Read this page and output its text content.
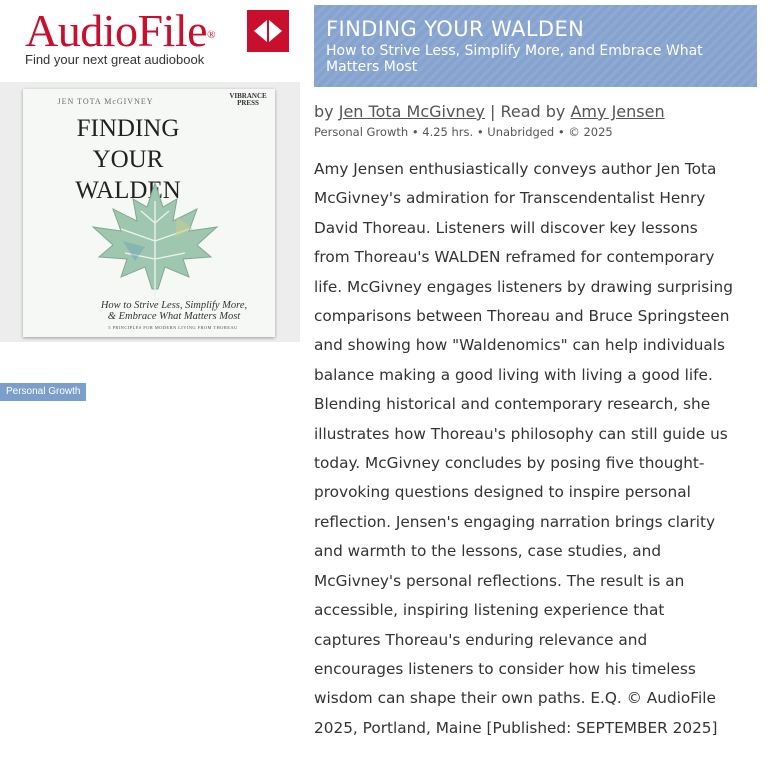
AudioFile®
Find your next great audiobook
JEN TOTA McGIVNEY
VIBRANCE
PRESS
FINDING
YOUR
WALDEN
How to Strive Less, Simplify More,
& Embrace What Matters Most
5 PRINCIPLES FOR MODERN LIVING FROM THOREAU
Personal Growth
FINDING YOUR WALDEN
How to Strive Less, Simplify More, and Embrace What Matters Most
by Jen Tota McGivney | Read by Amy Jensen
Personal Growth • 4.25 hrs. • Unabridged • © 2025
Amy Jensen enthusiastically conveys author Jen Tota
McGivney's admiration for Transcendentalist Henry
David Thoreau. Listeners will discover key lessons
from Thoreau's WALDEN reframed for contemporary
life. McGivney engages listeners by drawing surprising
comparisons between Thoreau and Bruce Springsteen
and showing how "Waldenomics" can help individuals
balance making a good living with living a good life.
Blending historical and contemporary research, she
illustrates how Thoreau's philosophy can still guide us
today. McGivney concludes by posing five thought-
provoking questions designed to inspire personal
reflection. Jensen's engaging narration brings clarity
and warmth to the lessons, case studies, and
McGivney's personal reflections. The result is an
accessible, inspiring listening experience that
captures Thoreau's enduring relevance and
encourages listeners to consider how his timeless
wisdom can shape their own paths. E.Q. © AudioFile
2025, Portland, Maine [Published: SEPTEMBER 2025]
